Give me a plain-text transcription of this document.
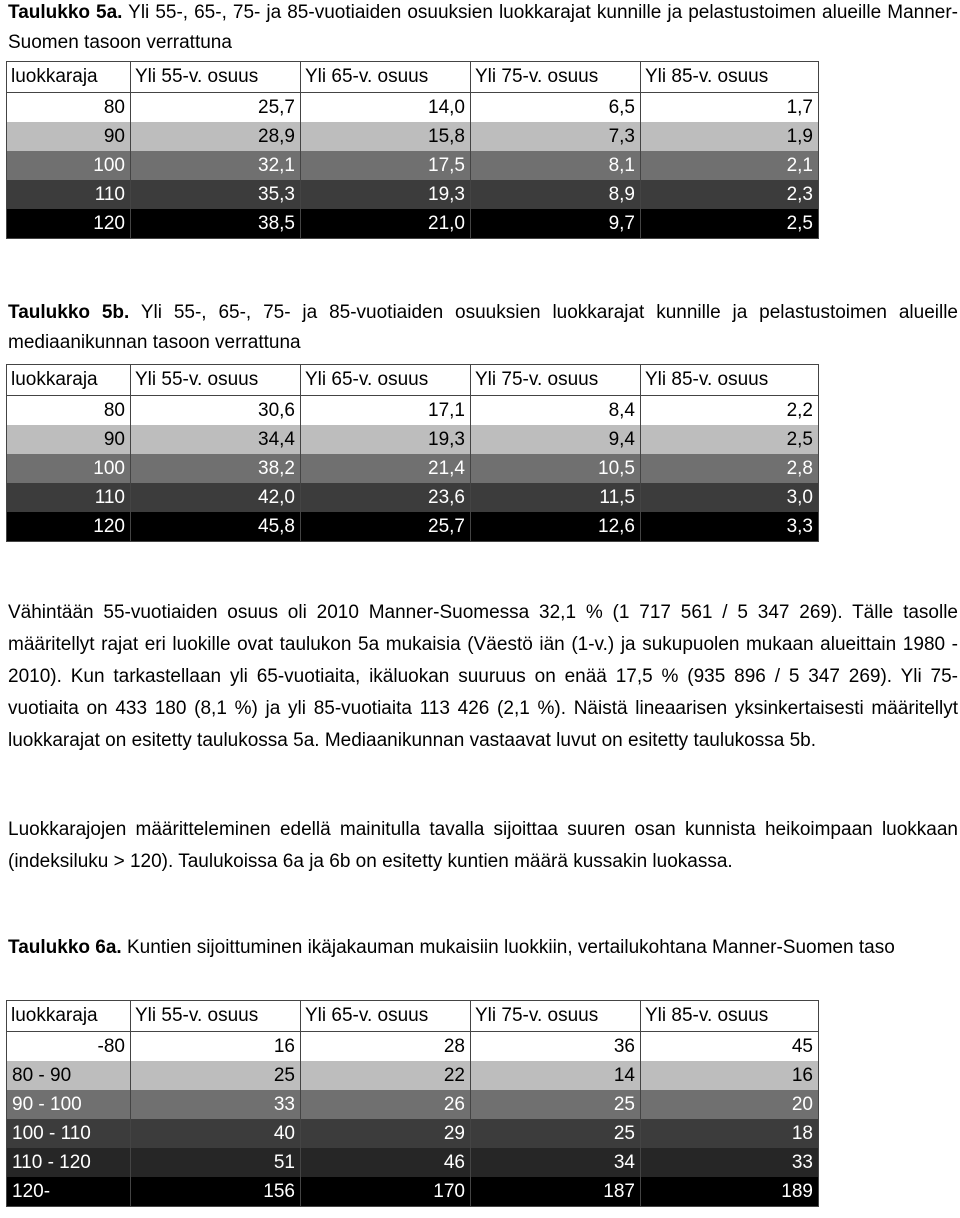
Taulukko 5a. Yli 55-, 65-, 75- ja 85-vuotiaiden osuuksien luokkarajat kunnille ja pelastustoimen alueille Manner-Suomen tasoon verrattuna
luokkaraja	Yli 55-v. osuus	Yli 65-v. osuus	Yli 75-v. osuus	Yli 85-v. osuus
80	25,7	14,0	6,5	1,7
90	28,9	15,8	7,3	1,9
100	32,1	17,5	8,1	2,1
110	35,3	19,3	8,9	2,3
120	38,5	21,0	9,7	2,5
Taulukko 5b. Yli 55-, 65-, 75- ja 85-vuotiaiden osuuksien luokkarajat kunnille ja pelastustoimen alueille mediaanikunnan tasoon verrattuna
luokkaraja	Yli 55-v. osuus	Yli 65-v. osuus	Yli 75-v. osuus	Yli 85-v. osuus
80	30,6	17,1	8,4	2,2
90	34,4	19,3	9,4	2,5
100	38,2	21,4	10,5	2,8
110	42,0	23,6	11,5	3,0
120	45,8	25,7	12,6	3,3
Vähintään 55-vuotiaiden osuus oli 2010 Manner-Suomessa 32,1 % (1 717 561 / 5 347 269). Tälle tasolle määritellyt rajat eri luokille ovat taulukon 5a mukaisia (Väestö iän (1-v.) ja sukupuolen mukaan alueittain 1980 - 2010). Kun tarkastellaan yli 65-vuotiaita, ikäluokan suuruus on enää 17,5 % (935 896 / 5 347 269). Yli 75-vuotiaita on 433 180 (8,1 %) ja yli 85-vuotiaita 113 426 (2,1 %). Näistä lineaarisen yksinkertaisesti määritellyt luokkarajat on esitetty taulukossa 5a. Mediaanikunnan vastaavat luvut on esitetty taulukossa 5b.
Luokkarajojen määritteleminen edellä mainitulla tavalla sijoittaa suuren osan kunnista heikoimpaan luokkaan (indeksiluku > 120). Taulukoissa 6a ja 6b on esitetty kuntien määrä kussakin luokassa.
Taulukko 6a. Kuntien sijoittuminen ikäjakauman mukaisiin luokkiin, vertailukohtana Manner-Suomen taso
luokkaraja	Yli 55-v. osuus	Yli 65-v. osuus	Yli 75-v. osuus	Yli 85-v. osuus
-80	16	28	36	45
80 - 90	25	22	14	16
90 - 100	33	26	25	20
100 - 110	40	29	25	18
110 - 120	51	46	34	33
120-	156	170	187	189
